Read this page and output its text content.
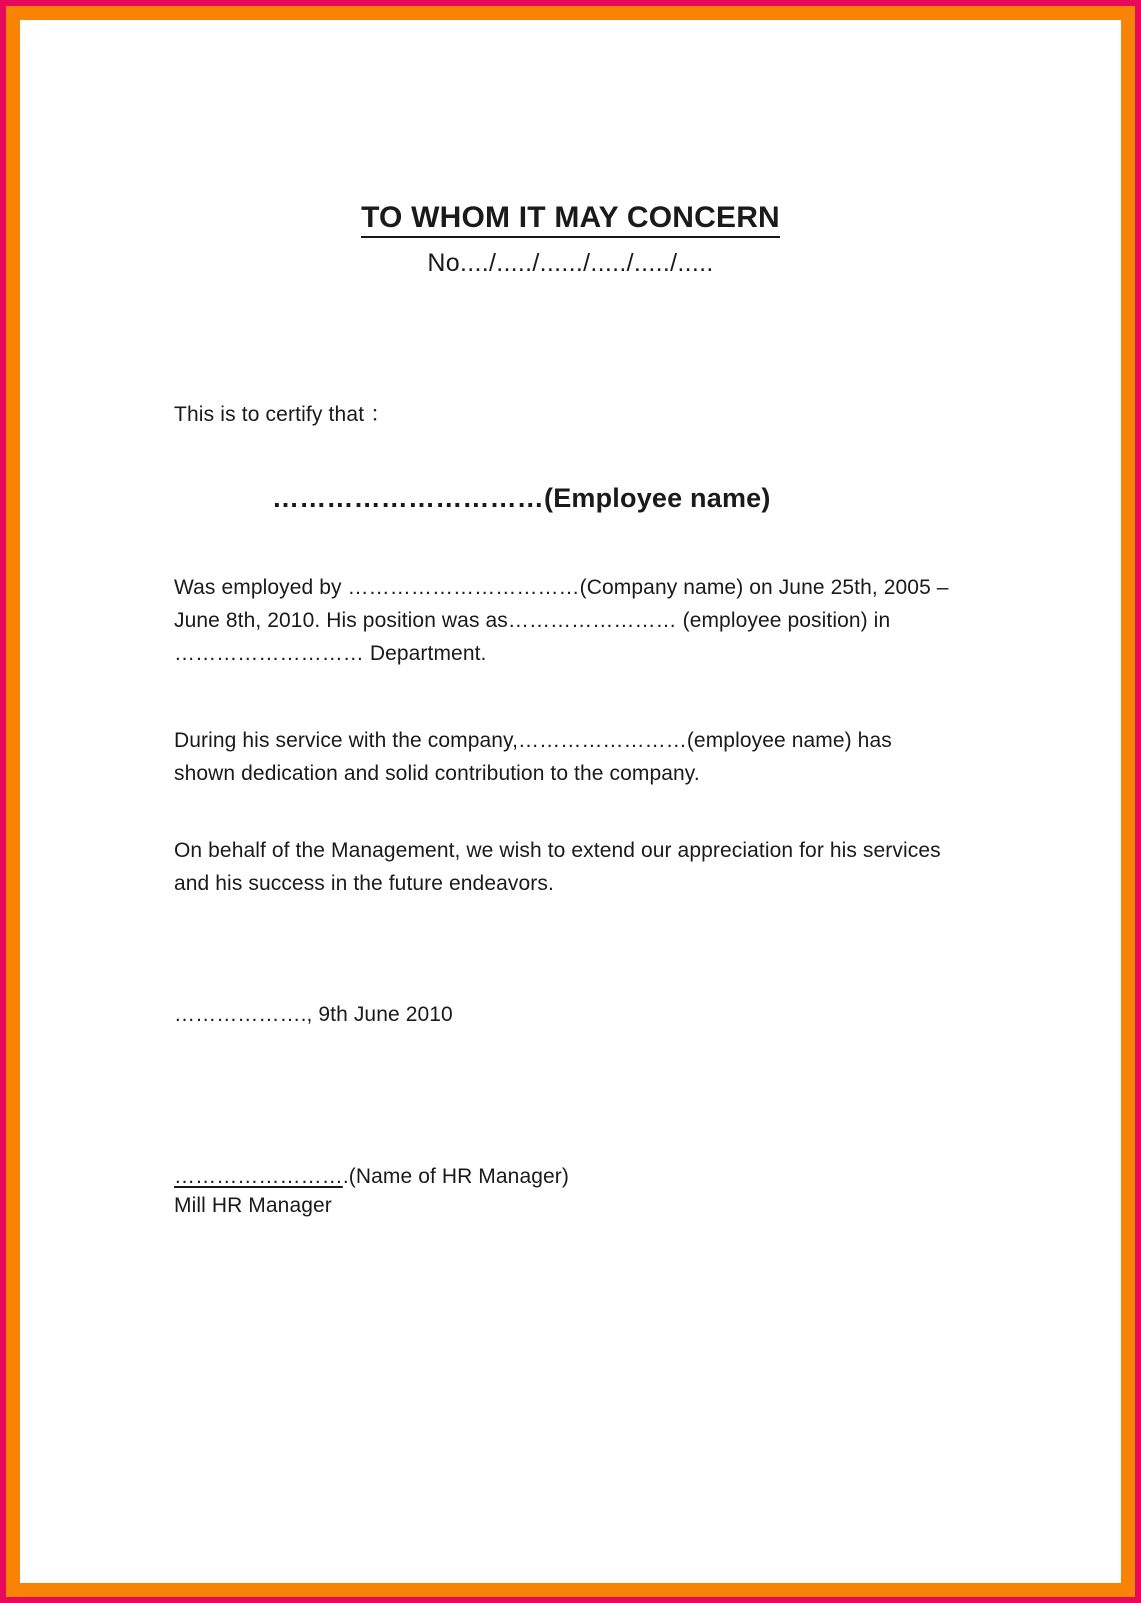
TO WHOM IT MAY CONCERN
No..../...../....../...../...../.....
This is to certify that ：
…………………………(Employee name)
Was employed by ……………………………(Company name) on June 25th, 2005 – June 8th, 2010. His position was as…………………… (employee position) in ……………………… Department.
During his service with the company,……………………(employee name) has shown dedication and solid contribution to the company.
On behalf of the Management, we wish to extend our appreciation for his services and his success in the future endeavors.
………………., 9th June 2010
…………………….(Name of HR Manager)
Mill HR Manager
